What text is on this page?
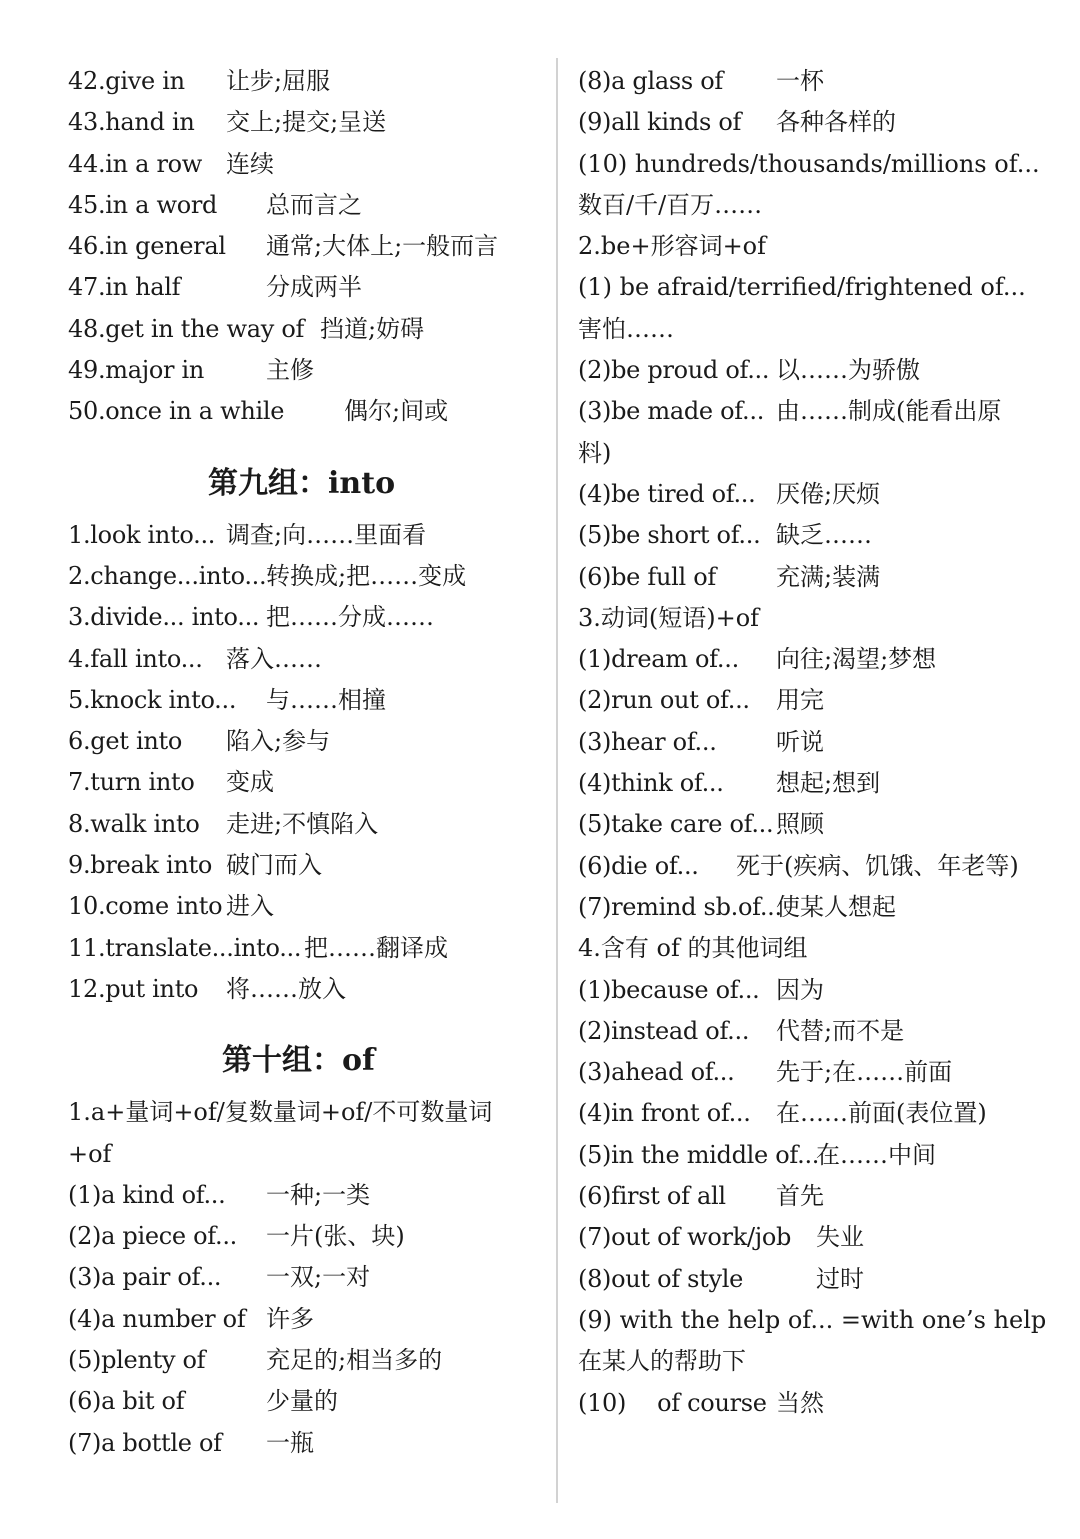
42.give in 让步;屈服
43.hand in 交上;提交;呈送
44.in a row 连续
45.in a word 总而言之
46.in general 通常;大体上;一般而言
47.in half	分成两半
48.get in the way of 挡道;妨碍
49.major in	主修
50.once in a while 偶尔;间或
第九组：into
1.look into... 调查;向……里面看
2.change...into... 转换成;把……变成
3.divide... into... 把……分成……
4.fall into... 落入……
5.knock into... 与……相撞
6.get into 陷入;参与
7.turn into 变成
8.walk into 走进;不慎陷入
9.break into 破门而入
10.come into 进入
11.translate...into... 把……翻译成
12.put into 将……放入
第十组：of
1.a+量词+of/复数量词+of/不可数量词
+of
(1)a kind of... 一种;一类
(2)a piece of... 一片(张、块)
(3)a pair of... 一双;一对
(4)a number of 许多
(5)plenty of	充足的;相当多的
(6)a bit of	少量的
(7)a bottle of 一瓶
(8)a glass of 一杯
(9)all kinds of 各种各样的
(10) hundreds/thousands/millions of...
数百/千/百万……
2.be+形容词+of
(1) be afraid/terrified/frightened of...
害怕……
(2)be proud of... 以……为骄傲
(3)be made of... 由……制成(能看出原
料)
(4)be tired of... 厌倦;厌烦
(5)be short of... 缺乏……
(6)be full of	充满;装满
3.动词(短语)+of
(1)dream of... 向往;渴望;梦想
(2)run out of... 用完
(3)hear of... 听说
(4)think of... 想起;想到
(5)take care of... 照顾
(6)die of... 死于(疾病、饥饿、年老等)
(7)remind sb.of...
使某人想起
4.含有 of 的其他词组
(1)because of... 因为
(2)instead of... 代替;而不是
(3)ahead of... 先于;在……前面
(4)in front of... 在……前面(表位置)
(5)in the middle of...
在……中间
(6)first of all 首先
(7)out of work/job 失业
(8)out of style	过时
(9) with the help of... =with one’s help
在某人的帮助下
(10)　 of course 当然
